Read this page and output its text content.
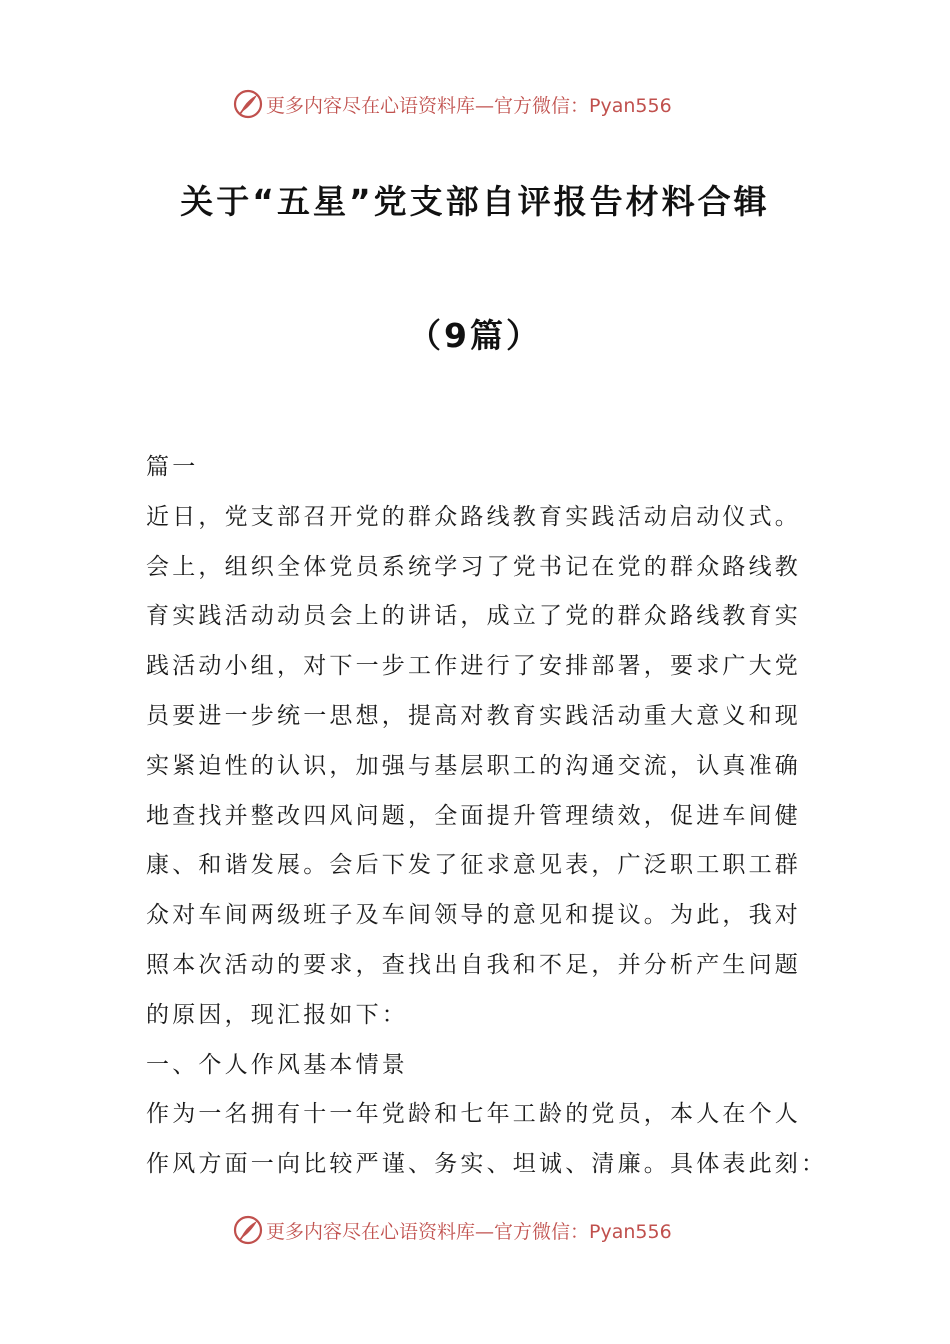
更多内容尽在心语资料库—官方微信：Pyan556
关于“五星”党支部自评报告材料合辑
（9篇）
篇一
近日，党支部召开党的群众路线教育实践活动启动仪式。
会上，组织全体党员系统学习了党书记在党的群众路线教
育实践活动动员会上的讲话，成立了党的群众路线教育实
践活动小组，对下一步工作进行了安排部署，要求广大党
员要进一步统一思想，提高对教育实践活动重大意义和现
实紧迫性的认识，加强与基层职工的沟通交流，认真准确
地查找并整改四风问题，全面提升管理绩效，促进车间健
康、和谐发展。会后下发了征求意见表，广泛职工职工群
众对车间两级班子及车间领导的意见和提议。为此，我对
照本次活动的要求，查找出自我和不足，并分析产生问题
的原因，现汇报如下：
一、个人作风基本情景
作为一名拥有十一年党龄和七年工龄的党员，本人在个人
作风方面一向比较严谨、务实、坦诚、清廉。具体表此刻：
更多内容尽在心语资料库—官方微信：Pyan556
